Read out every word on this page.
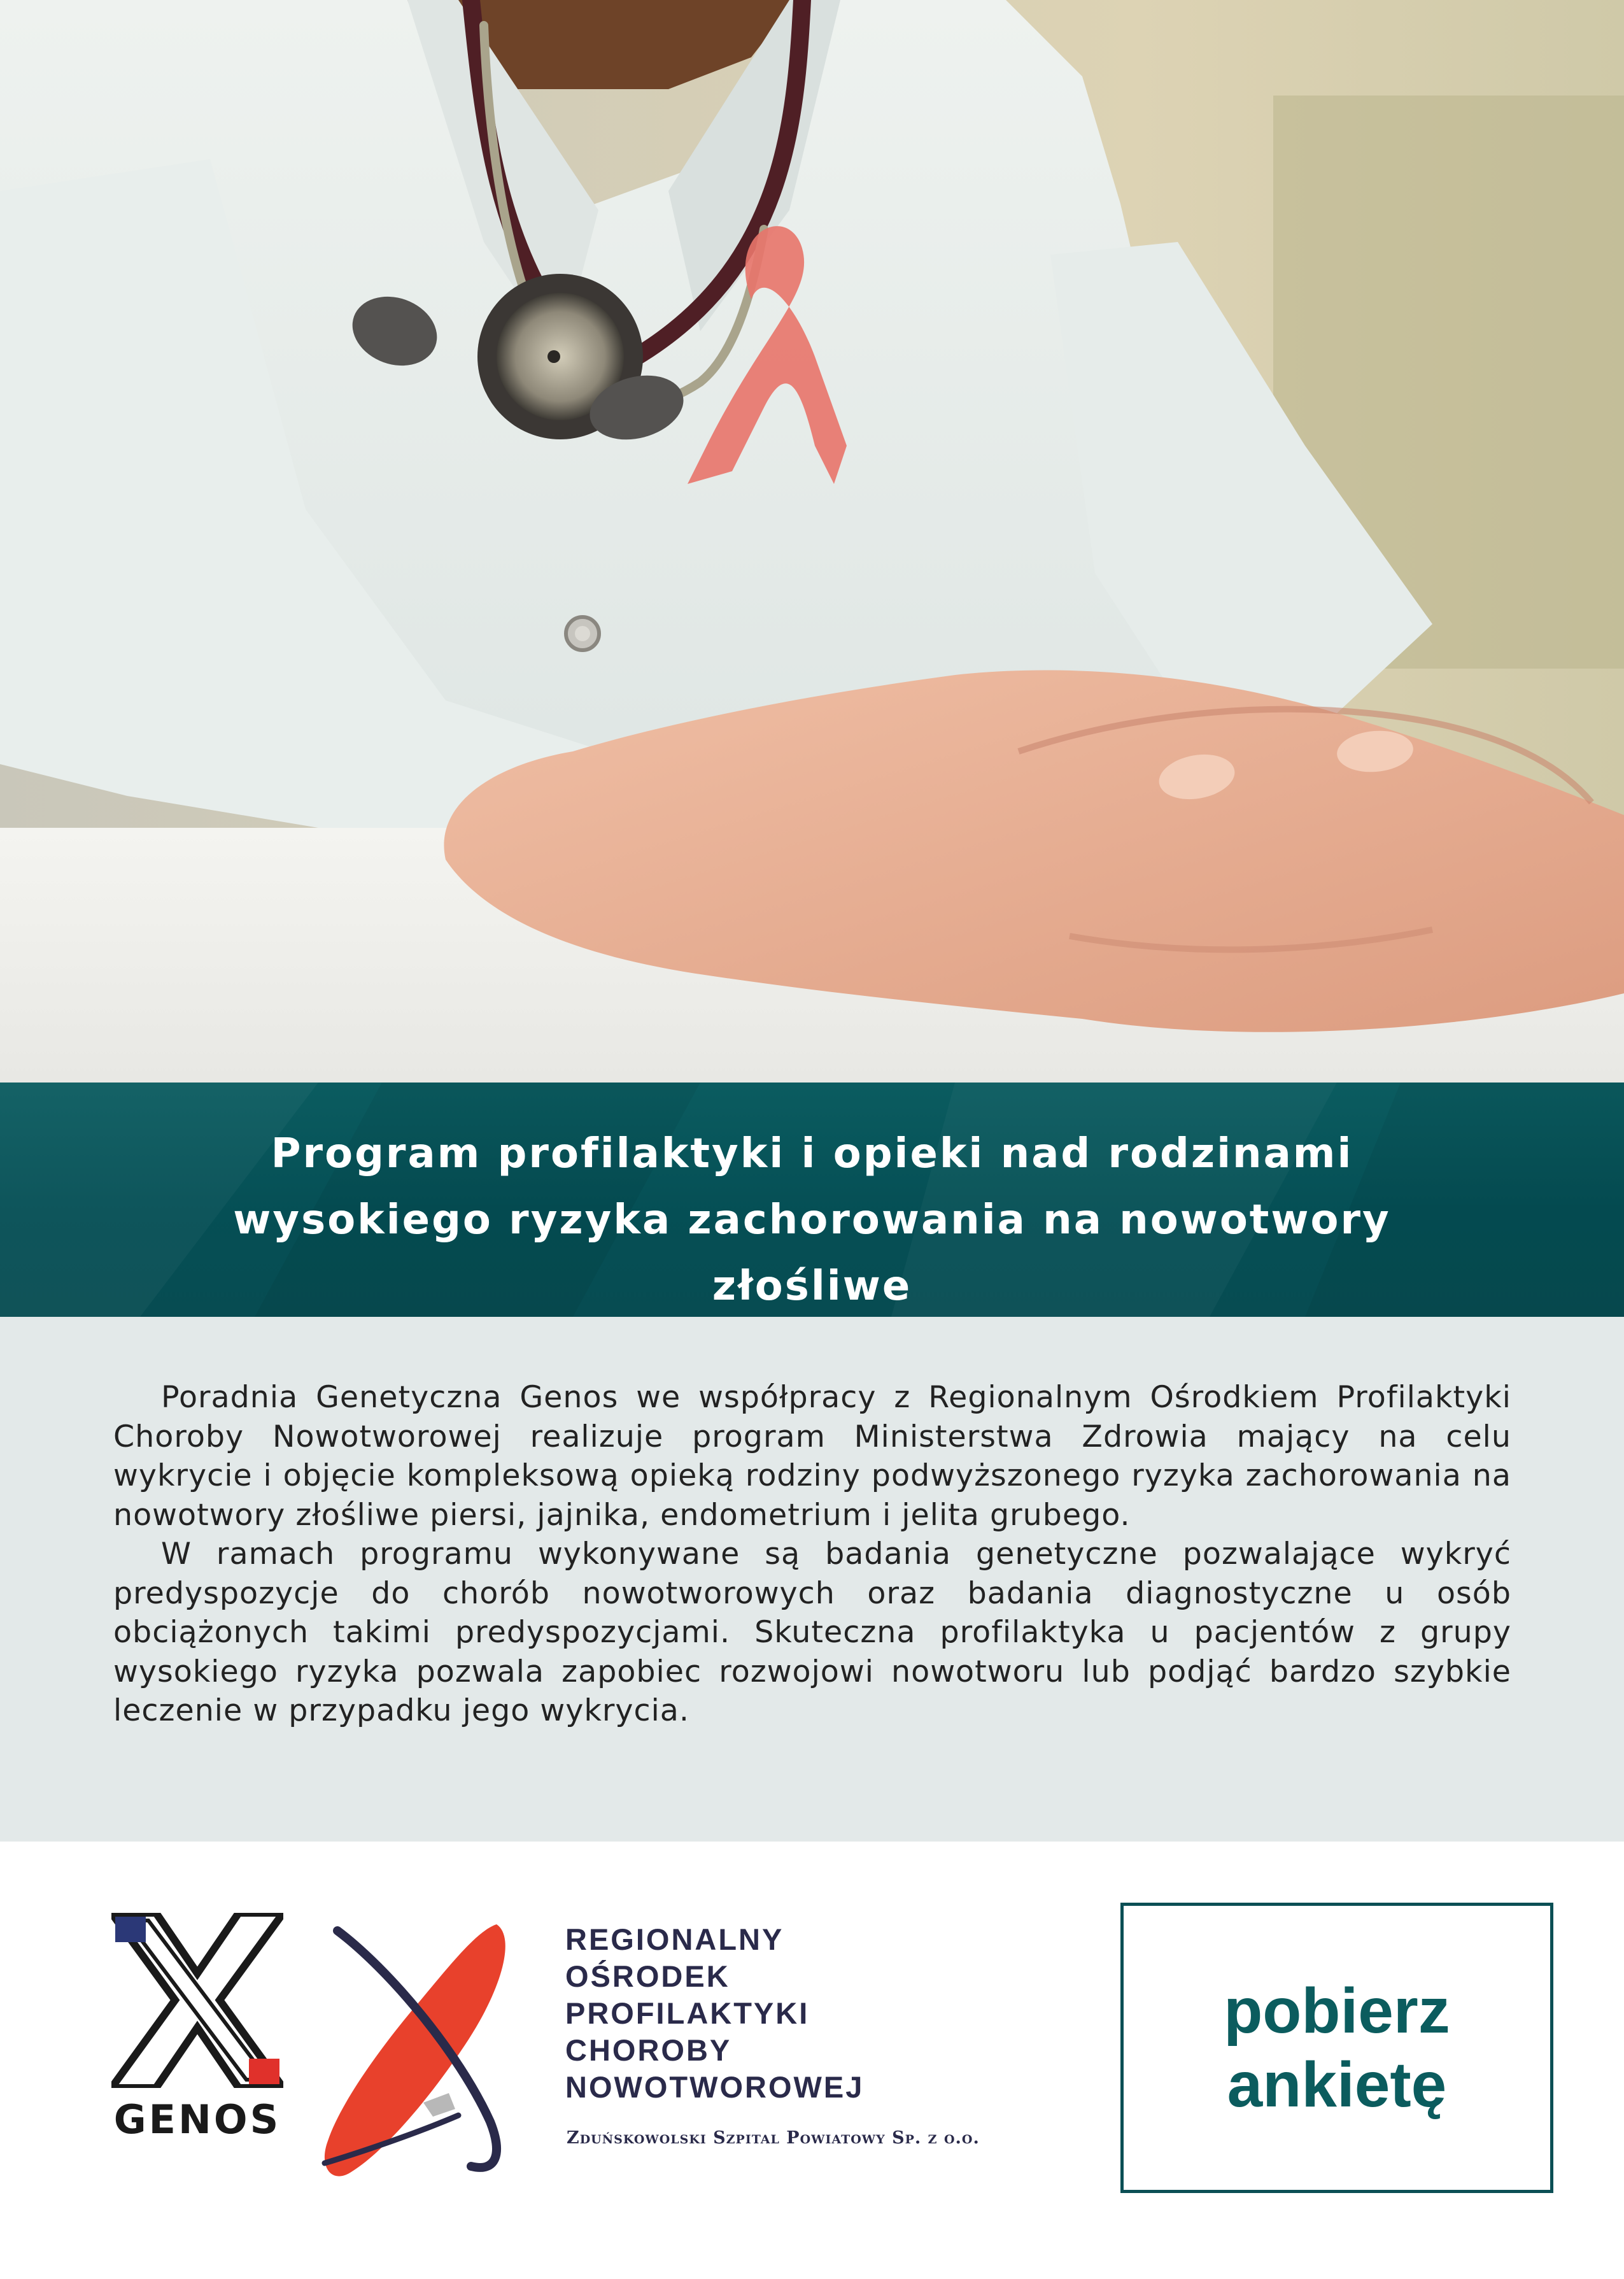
Program profilaktyki i opieki nad rodzinami
wysokiego ryzyka zachorowania na nowotwory
złośliwe

Poradnia Genetyczna Genos we współpracy z Regionalnym Ośrodkiem Profilaktyki Choroby Nowotworowej realizuje program Ministerstwa Zdrowia mający na celu wykrycie i objęcie kompleksową opieką rodziny podwyższonego ryzyka zachorowania na nowotwory złośliwe piersi, jajnika, endometrium i jelita grubego.

W ramach programu wykonywane są badania genetyczne pozwalające wykryć predyspozycje do chorób nowotworowych oraz badania diagnostyczne u osób obciążonych takimi predyspozycjami. Skuteczna profilaktyka u pacjentów z grupy wysokiego ryzyka pozwala zapobiec rozwojowi nowotworu lub podjąć bardzo szybkie leczenie w przypadku jego wykrycia.

GENOS
REGIONALNY
OŚRODEK
PROFILAKTYKI
CHOROBY
NOWOTWOROWEJ
Zduńskowolski Szpital Powiatowy Sp. z o.o.
pobierz
ankietę
